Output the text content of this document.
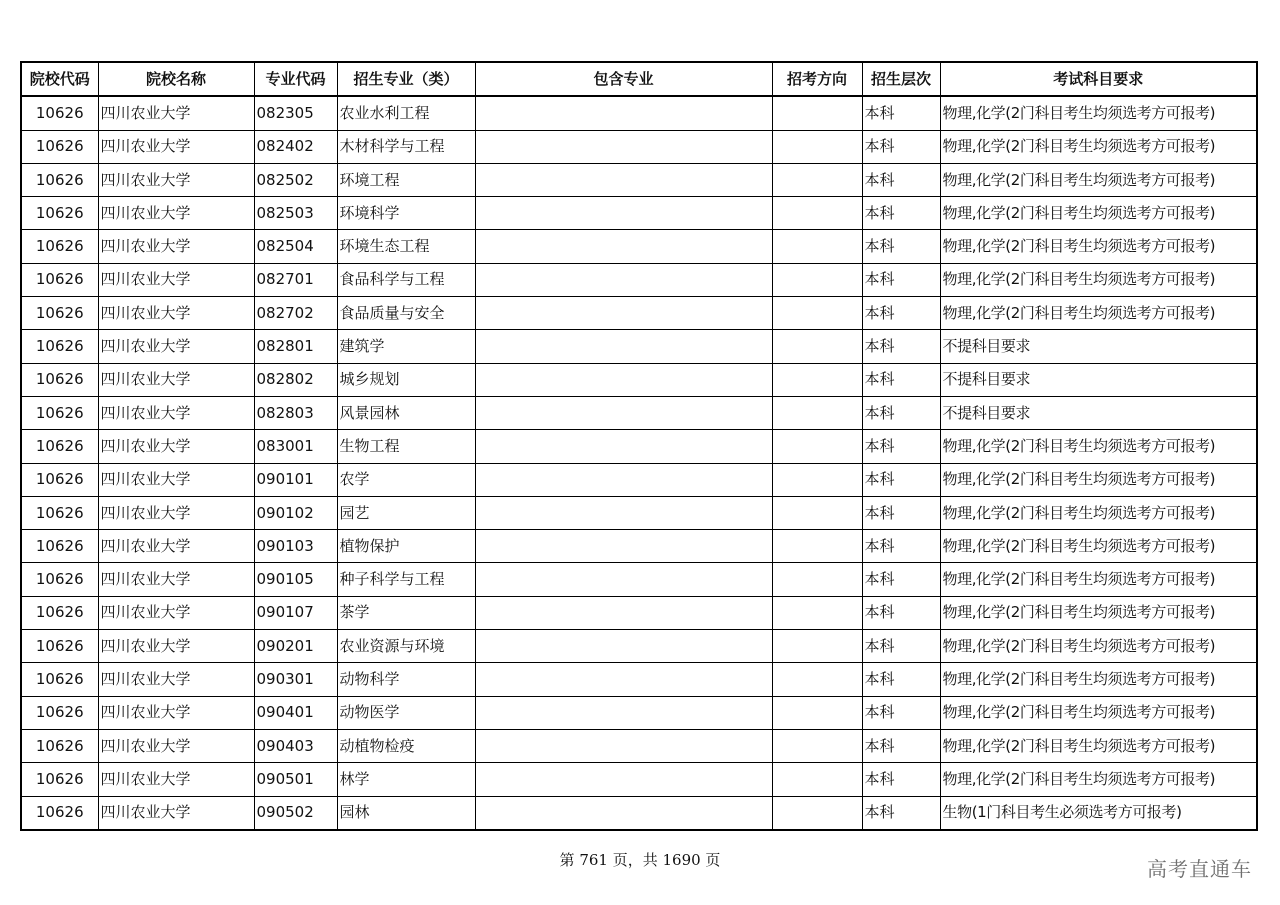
院校代码	院校名称	专业代码	招生专业（类）	包含专业	招考方向	招生层次	考试科目要求
10626	四川农业大学	082305	农业水利工程			本科	物理,化学(2门科目考生均须选考方可报考)
10626	四川农业大学	082402	木材科学与工程			本科	物理,化学(2门科目考生均须选考方可报考)
10626	四川农业大学	082502	环境工程			本科	物理,化学(2门科目考生均须选考方可报考)
10626	四川农业大学	082503	环境科学			本科	物理,化学(2门科目考生均须选考方可报考)
10626	四川农业大学	082504	环境生态工程			本科	物理,化学(2门科目考生均须选考方可报考)
10626	四川农业大学	082701	食品科学与工程			本科	物理,化学(2门科目考生均须选考方可报考)
10626	四川农业大学	082702	食品质量与安全			本科	物理,化学(2门科目考生均须选考方可报考)
10626	四川农业大学	082801	建筑学			本科	不提科目要求
10626	四川农业大学	082802	城乡规划			本科	不提科目要求
10626	四川农业大学	082803	风景园林			本科	不提科目要求
10626	四川农业大学	083001	生物工程			本科	物理,化学(2门科目考生均须选考方可报考)
10626	四川农业大学	090101	农学			本科	物理,化学(2门科目考生均须选考方可报考)
10626	四川农业大学	090102	园艺			本科	物理,化学(2门科目考生均须选考方可报考)
10626	四川农业大学	090103	植物保护			本科	物理,化学(2门科目考生均须选考方可报考)
10626	四川农业大学	090105	种子科学与工程			本科	物理,化学(2门科目考生均须选考方可报考)
10626	四川农业大学	090107	茶学			本科	物理,化学(2门科目考生均须选考方可报考)
10626	四川农业大学	090201	农业资源与环境			本科	物理,化学(2门科目考生均须选考方可报考)
10626	四川农业大学	090301	动物科学			本科	物理,化学(2门科目考生均须选考方可报考)
10626	四川农业大学	090401	动物医学			本科	物理,化学(2门科目考生均须选考方可报考)
10626	四川农业大学	090403	动植物检疫			本科	物理,化学(2门科目考生均须选考方可报考)
10626	四川农业大学	090501	林学			本科	物理,化学(2门科目考生均须选考方可报考)
10626	四川农业大学	090502	园林			本科	生物(1门科目考生必须选考方可报考)
第 761 页，共 1690 页	高考直通车
